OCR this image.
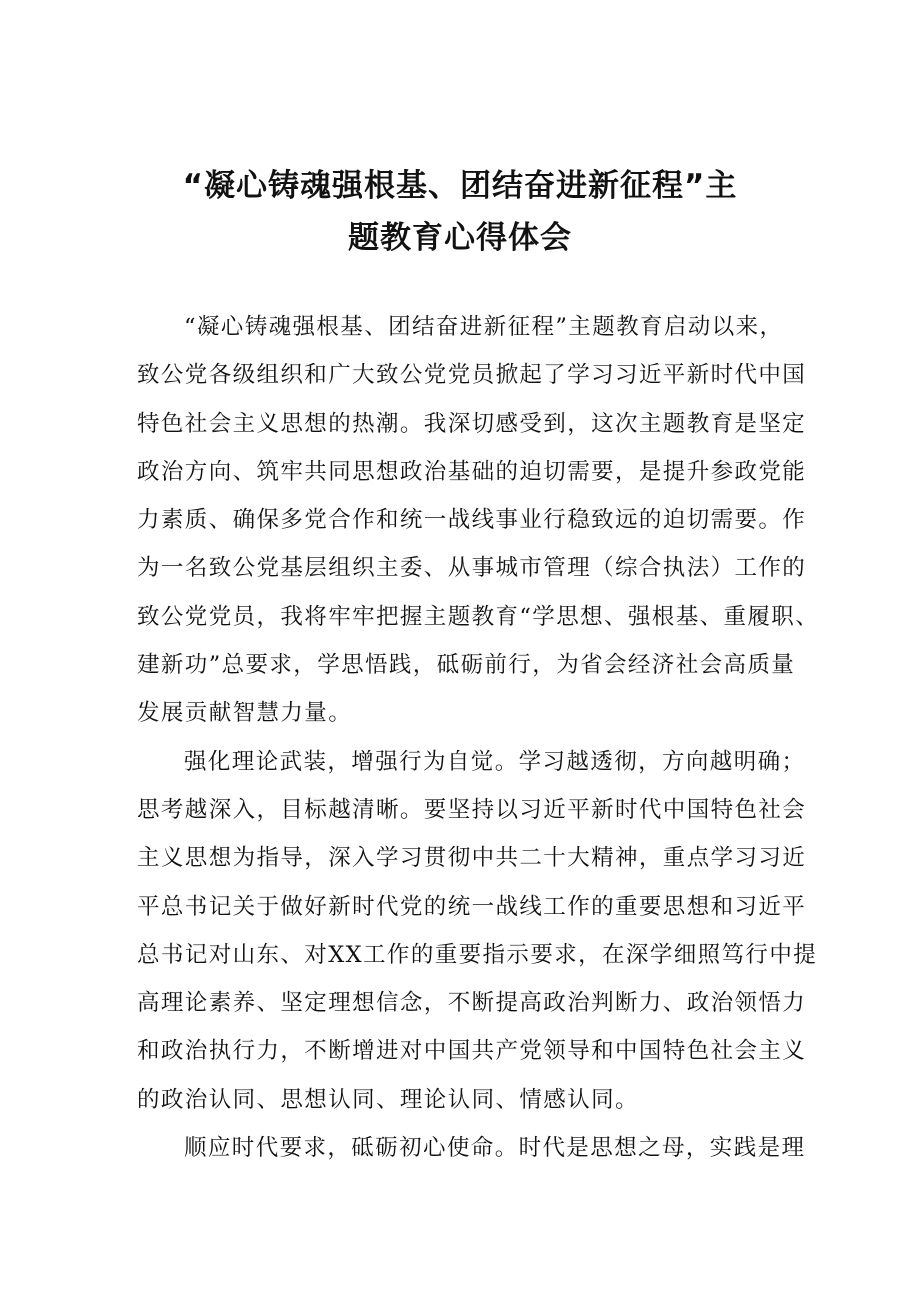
“凝心铸魂强根基、团结奋进新征程”主
题教育心得体会
“凝心铸魂强根基、团结奋进新征程”主题教育启动以来，
致公党各级组织和广大致公党党员掀起了学习习近平新时代中国
特色社会主义思想的热潮。我深切感受到，这次主题教育是坚定
政治方向、筑牢共同思想政治基础的迫切需要，是提升参政党能
力素质、确保多党合作和统一战线事业行稳致远的迫切需要。作
为一名致公党基层组织主委、从事城市管理（综合执法）工作的
致公党党员，我将牢牢把握主题教育“学思想、强根基、重履职、
建新功”总要求，学思悟践，砥砺前行，为省会经济社会高质量
发展贡献智慧力量。
强化理论武装，增强行为自觉。学习越透彻，方向越明确；
思考越深入，目标越清晰。要坚持以习近平新时代中国特色社会
主义思想为指导，深入学习贯彻中共二十大精神，重点学习习近
平总书记关于做好新时代党的统一战线工作的重要思想和习近平
总书记对山东、对XX工作的重要指示要求，在深学细照笃行中提
高理论素养、坚定理想信念，不断提高政治判断力、政治领悟力
和政治执行力，不断增进对中国共产党领导和中国特色社会主义
的政治认同、思想认同、理论认同、情感认同。
顺应时代要求，砥砺初心使命。时代是思想之母，实践是理
